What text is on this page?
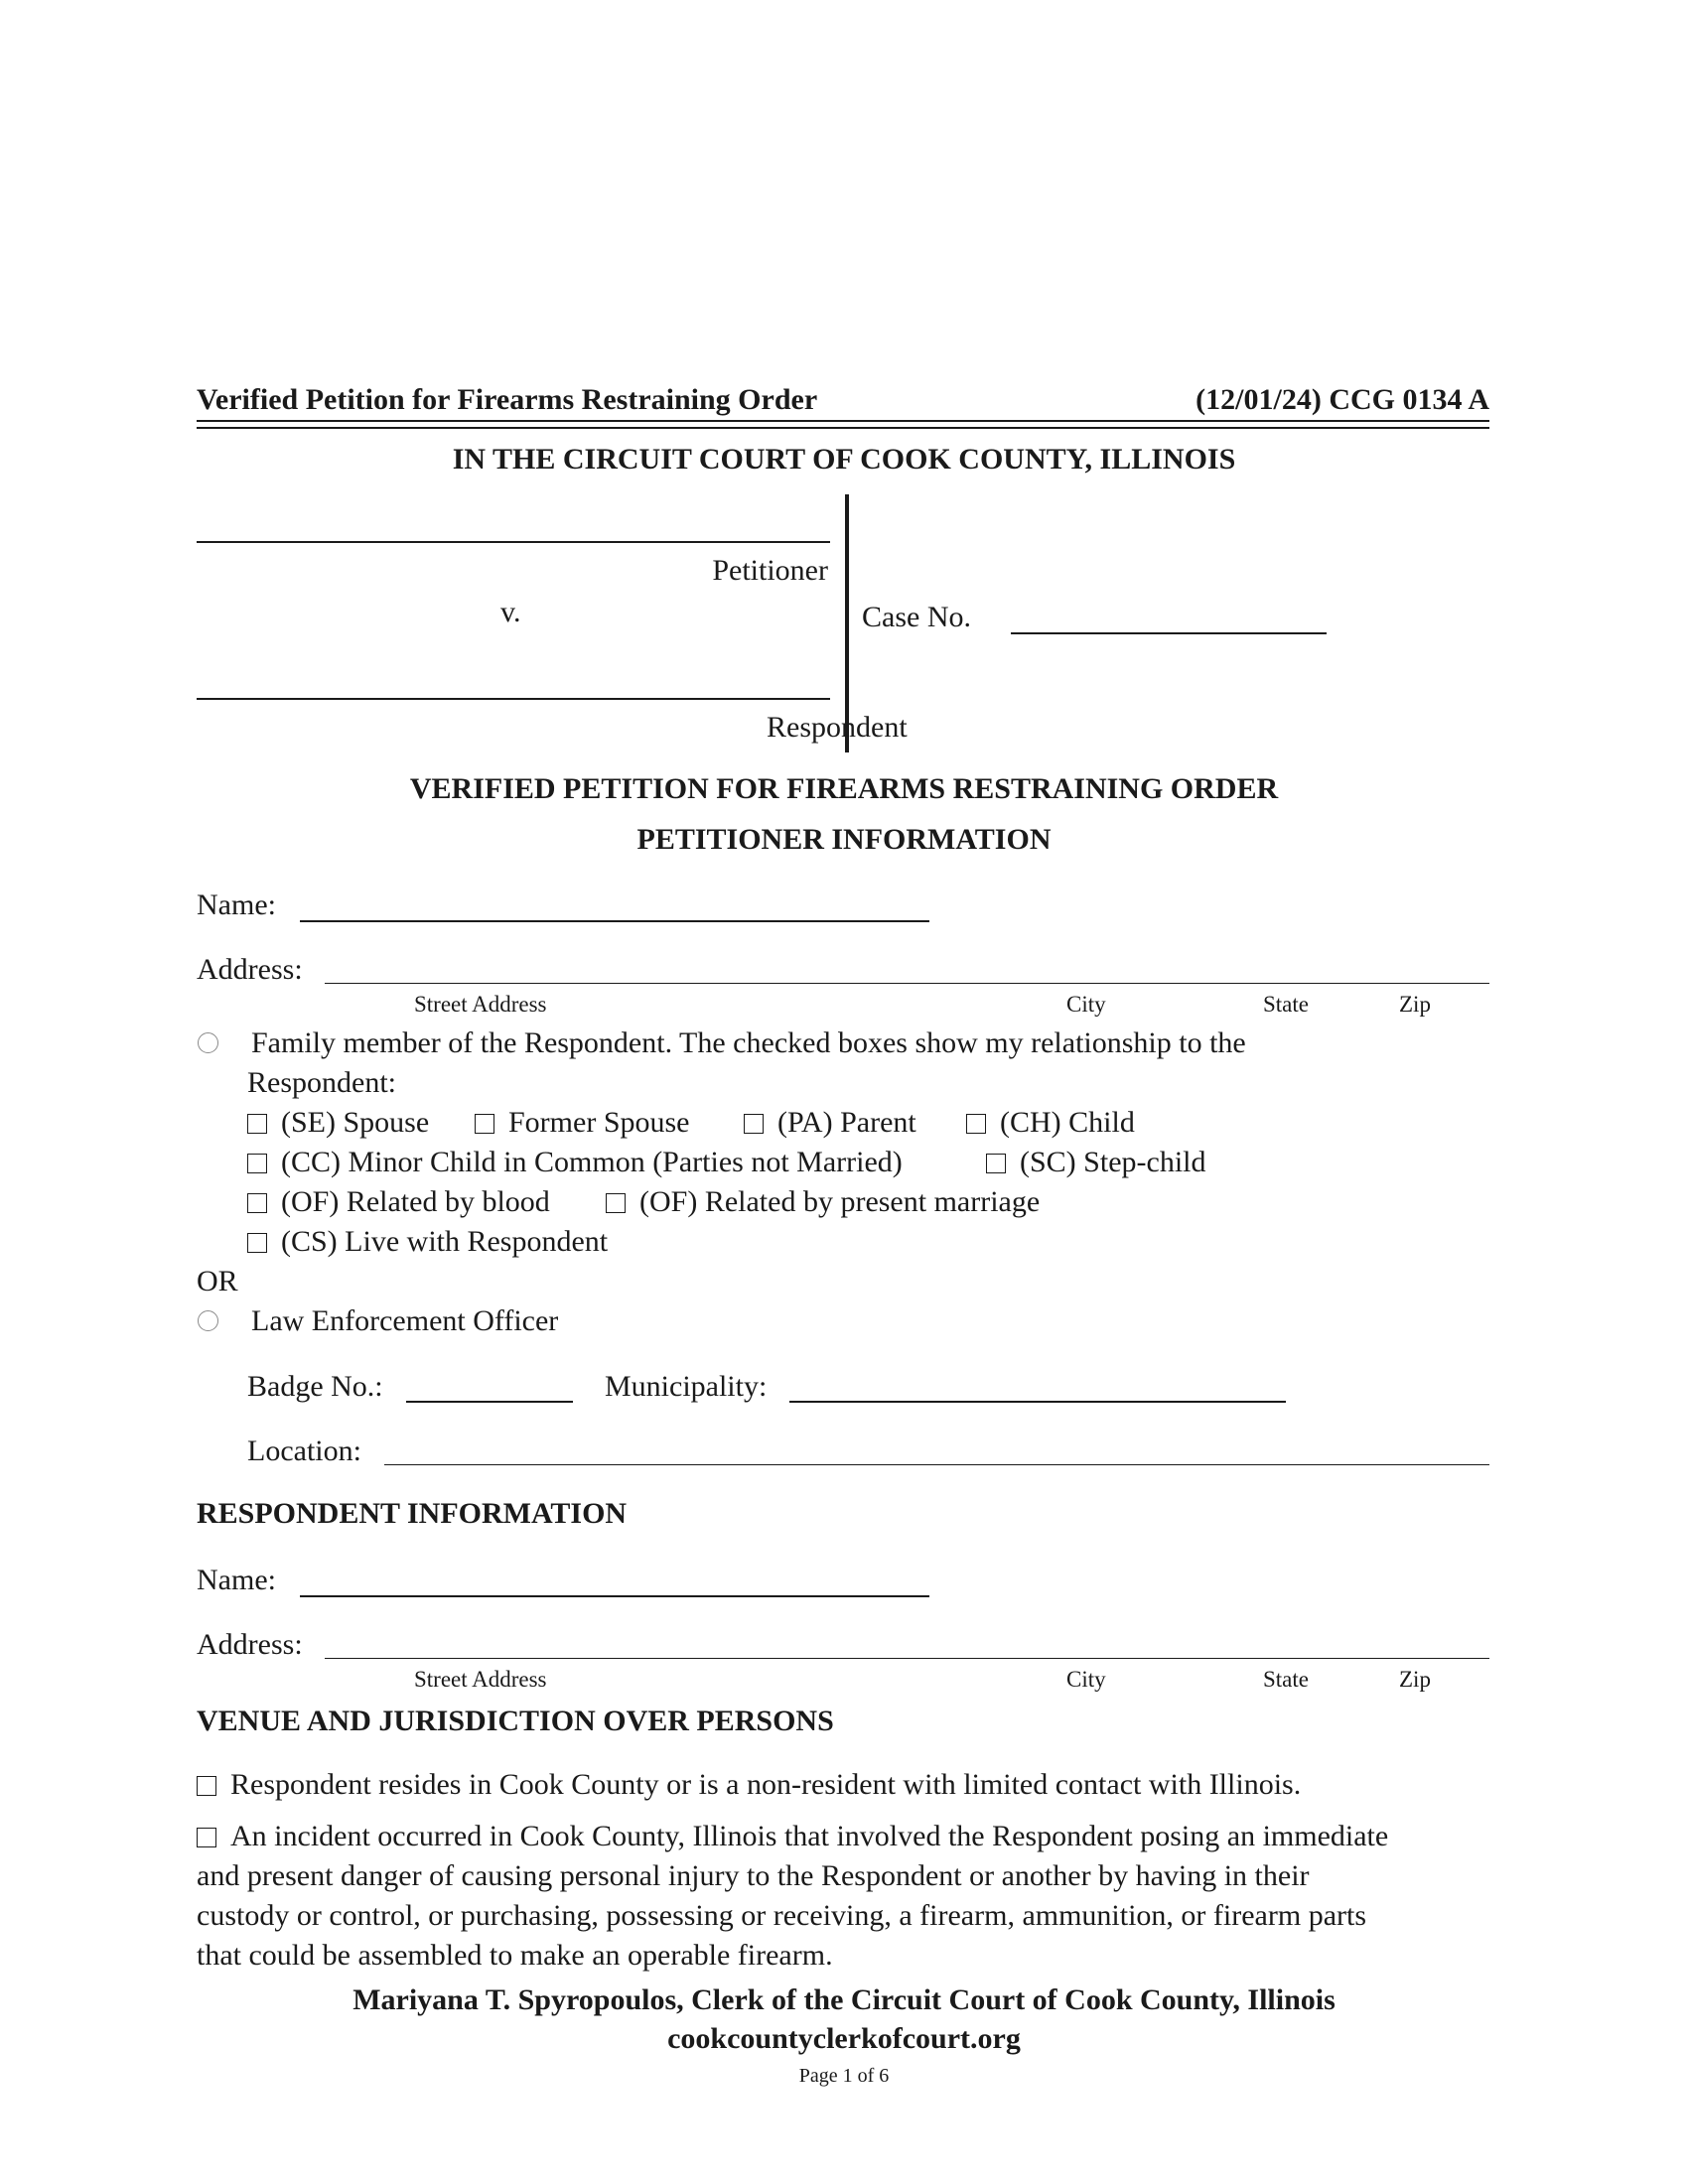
Verified Petition for Firearms Restraining Order	(12/01/24) CCG 0134 A
IN THE CIRCUIT COURT OF COOK COUNTY, ILLINOIS
Petitioner
v.	Case No.
Respondent
VERIFIED PETITION FOR FIREARMS RESTRAINING ORDER
PETITIONER INFORMATION
Name:
Address:
Street Address	City	State	Zip
Family member of the Respondent. The checked boxes show my relationship to the
Respondent:
(SE) Spouse	Former Spouse	(PA) Parent	(CH) Child
(CC) Minor Child in Common (Parties not Married)	(SC) Step-child
(OF) Related by blood	(OF) Related by present marriage
(CS) Live with Respondent
OR
Law Enforcement Officer
Badge No.:	Municipality:
Location:
RESPONDENT INFORMATION
Name:
Address:
Street Address	City	State	Zip
VENUE AND JURISDICTION OVER PERSONS
Respondent resides in Cook County or is a non-resident with limited contact with Illinois.
An incident occurred in Cook County, Illinois that involved the Respondent posing an immediate
and present danger of causing personal injury to the Respondent or another by having in their
custody or control, or purchasing, possessing or receiving, a firearm, ammunition, or firearm parts
that could be assembled to make an operable firearm.
Mariyana T. Spyropoulos, Clerk of the Circuit Court of Cook County, Illinois
cookcountyclerkofcourt.org
Page 1 of 6
